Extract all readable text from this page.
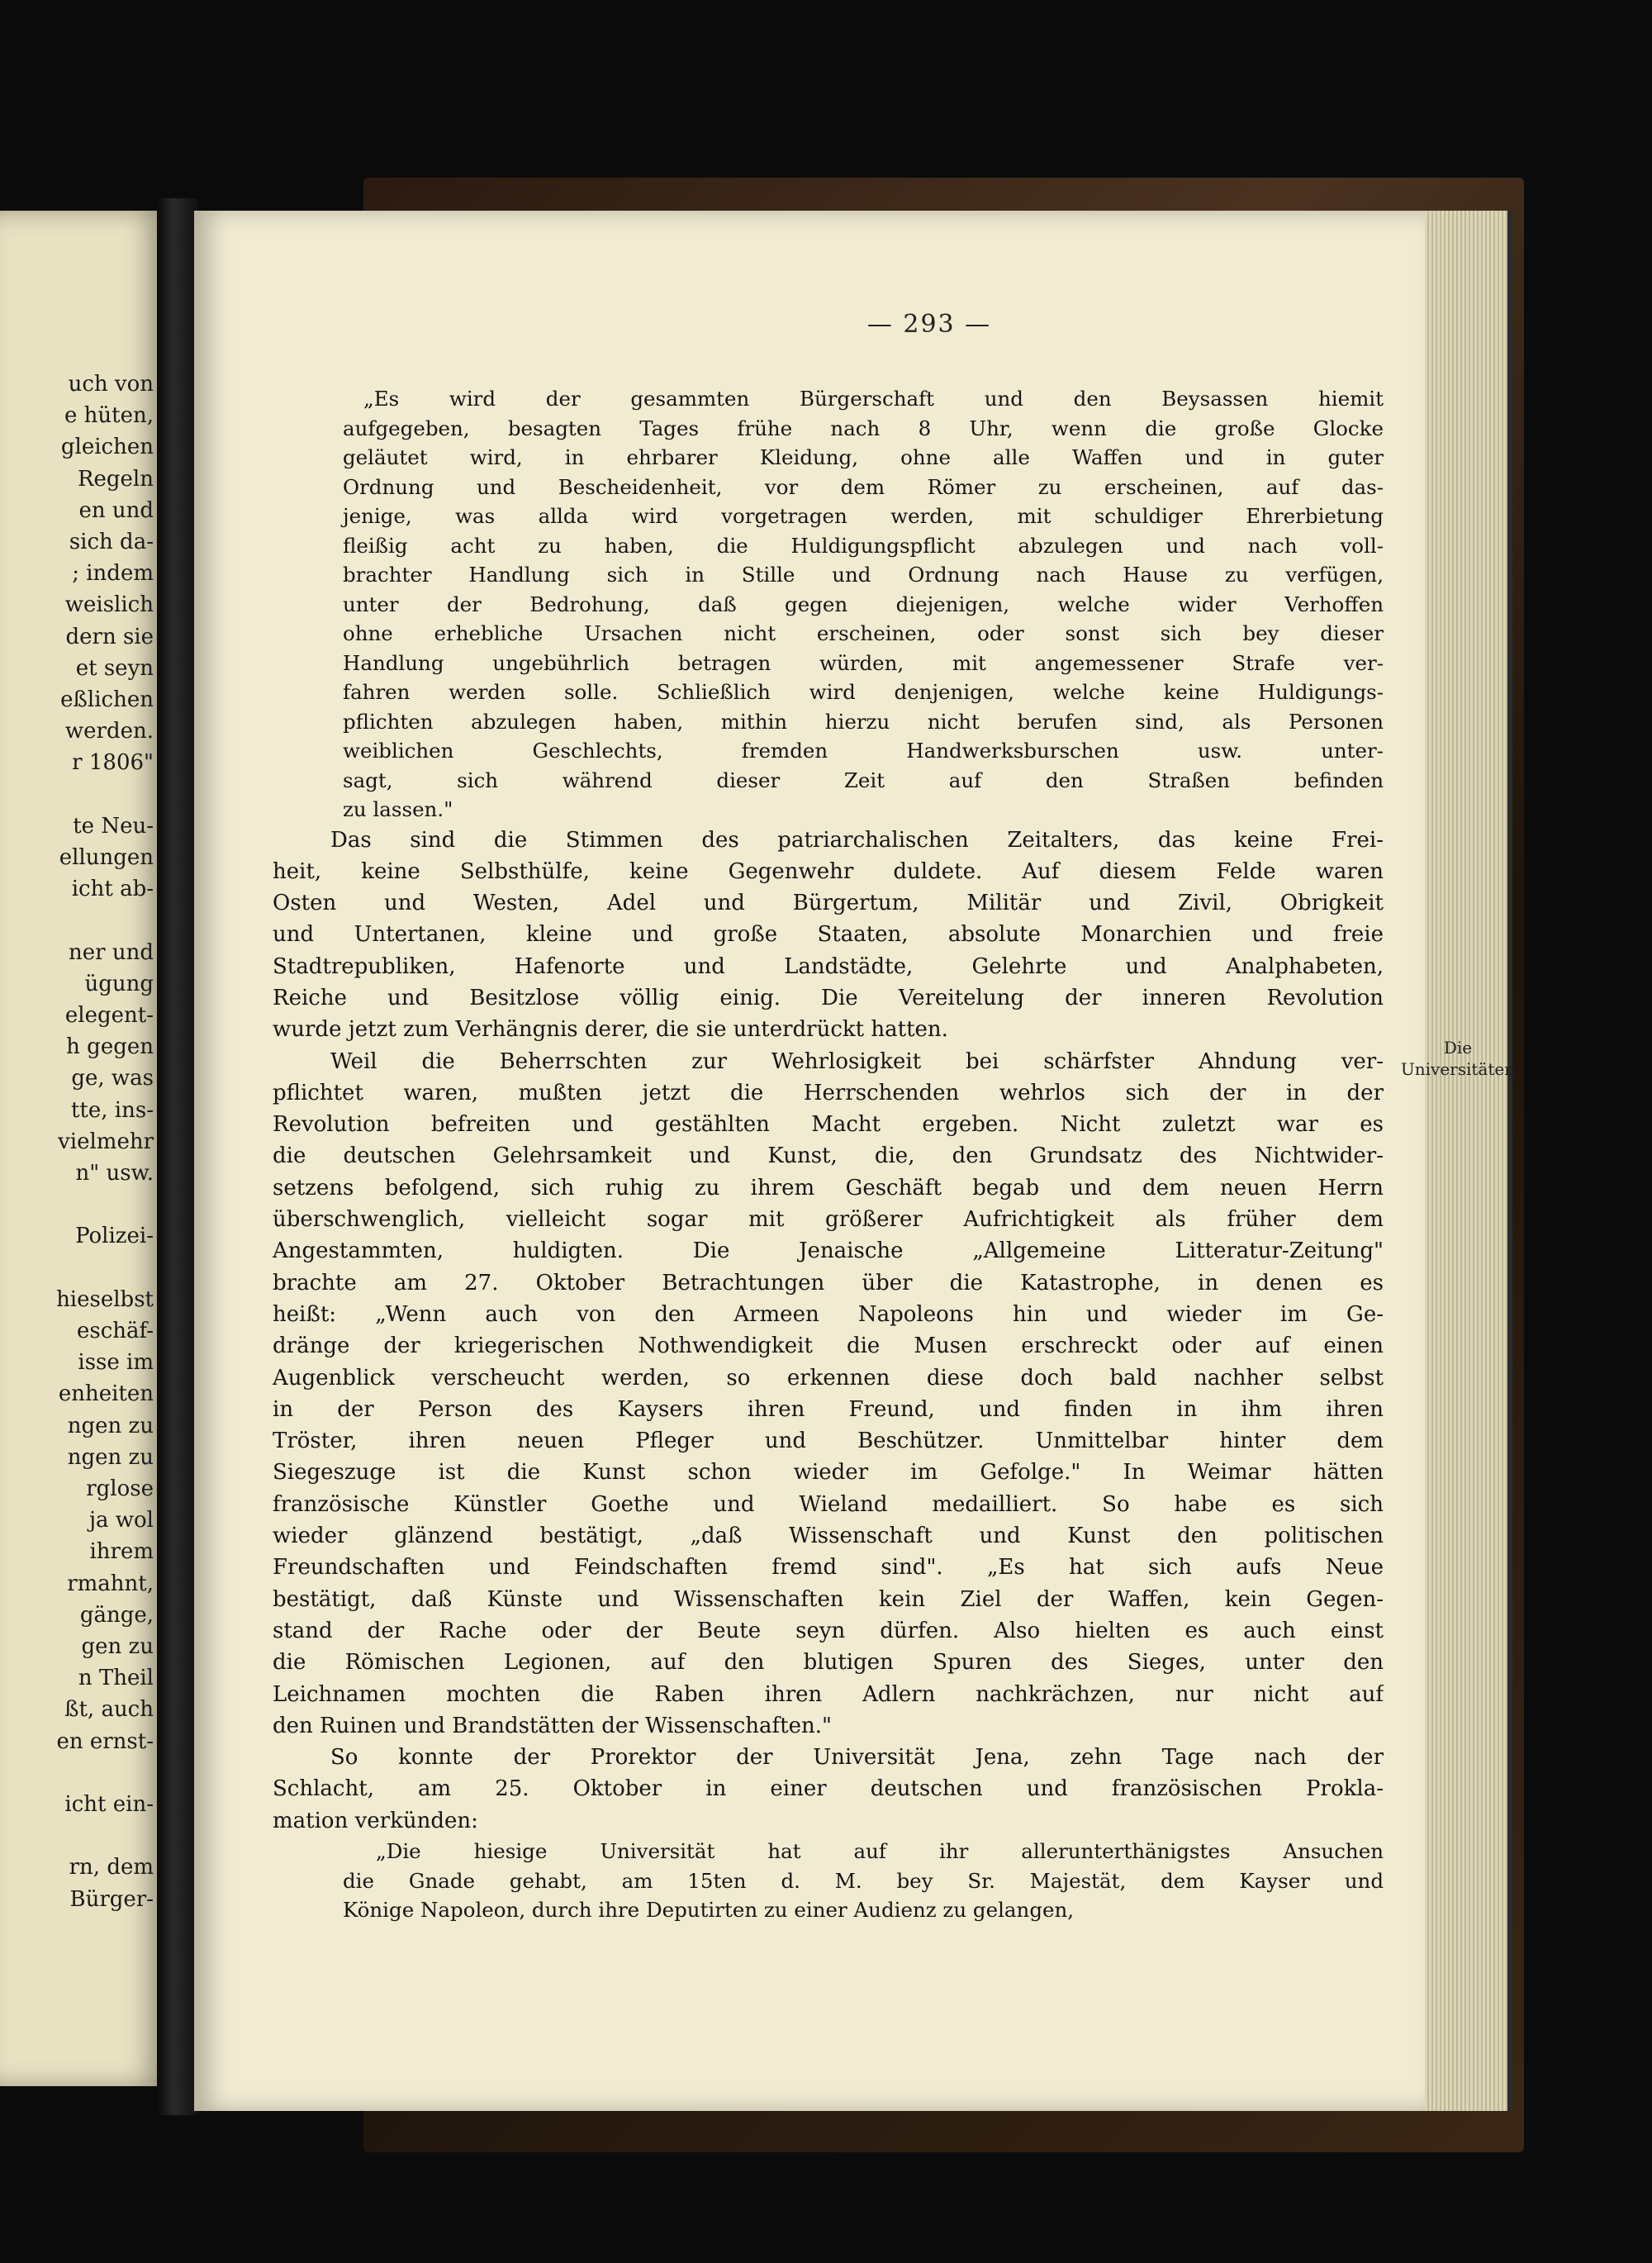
uch von
e hüten,
gleichen
Regeln
en und
sich da-
; indem
weislich
dern sie
et seyn
eßlichen
werden.
r 1806"
te Neu-
ellungen
icht ab-
ner und
ügung
elegent-
h gegen
ge, was
tte, ins-
vielmehr
n" usw.
Polizei-
hieselbst
eschäf-
isse im
enheiten
ngen zu
ngen zu
rglose
ja wol
ihrem
rmahnt,
gänge,
gen zu
n Theil
ßt, auch
en ernst-
icht ein-
rn, dem
Bürger-
— 293 —
„Es wird der gesammten Bürgerschaft und den Beysassen hiemit
aufgegeben, besagten Tages frühe nach 8 Uhr, wenn die große Glocke
geläutet wird, in ehrbarer Kleidung, ohne alle Waffen und in guter
Ordnung und Bescheidenheit, vor dem Römer zu erscheinen, auf das-
jenige, was allda wird vorgetragen werden, mit schuldiger Ehrerbietung
fleißig acht zu haben, die Huldigungspflicht abzulegen und nach voll-
brachter Handlung sich in Stille und Ordnung nach Hause zu verfügen,
unter der Bedrohung, daß gegen diejenigen, welche wider Verhoffen
ohne erhebliche Ursachen nicht erscheinen, oder sonst sich bey dieser
Handlung ungebührlich betragen würden, mit angemessener Strafe ver-
fahren werden solle. Schließlich wird denjenigen, welche keine Huldigungs-
pflichten abzulegen haben, mithin hierzu nicht berufen sind, als Personen
weiblichen Geschlechts, fremden Handwerksburschen usw. unter-
sagt, sich während dieser Zeit auf den Straßen befinden
zu lassen."
Das sind die Stimmen des patriarchalischen Zeitalters, das keine Frei-
heit, keine Selbsthülfe, keine Gegenwehr duldete. Auf diesem Felde waren
Osten und Westen, Adel und Bürgertum, Militär und Zivil, Obrigkeit
und Untertanen, kleine und große Staaten, absolute Monarchien und freie
Stadtrepubliken, Hafenorte und Landstädte, Gelehrte und Analphabeten,
Reiche und Besitzlose völlig einig. Die Vereitelung der inneren Revolution
wurde jetzt zum Verhängnis derer, die sie unterdrückt hatten.
Weil die Beherrschten zur Wehrlosigkeit bei schärfster Ahndung ver-
pflichtet waren, mußten jetzt die Herrschenden wehrlos sich der in der
Revolution befreiten und gestählten Macht ergeben. Nicht zuletzt war es
die deutschen Gelehrsamkeit und Kunst, die, den Grundsatz des Nichtwider-
setzens befolgend, sich ruhig zu ihrem Geschäft begab und dem neuen Herrn
überschwenglich, vielleicht sogar mit größerer Aufrichtigkeit als früher dem
Angestammten, huldigten. Die Jenaische „Allgemeine Litteratur-Zeitung"
brachte am 27. Oktober Betrachtungen über die Katastrophe, in denen es
heißt: „Wenn auch von den Armeen Napoleons hin und wieder im Ge-
dränge der kriegerischen Nothwendigkeit die Musen erschreckt oder auf einen
Augenblick verscheucht werden, so erkennen diese doch bald nachher selbst
in der Person des Kaysers ihren Freund, und finden in ihm ihren
Tröster, ihren neuen Pfleger und Beschützer. Unmittelbar hinter dem
Siegeszuge ist die Kunst schon wieder im Gefolge." In Weimar hätten
französische Künstler Goethe und Wieland medailliert. So habe es sich
wieder glänzend bestätigt, „daß Wissenschaft und Kunst den politischen
Freundschaften und Feindschaften fremd sind". „Es hat sich aufs Neue
bestätigt, daß Künste und Wissenschaften kein Ziel der Waffen, kein Gegen-
stand der Rache oder der Beute seyn dürfen. Also hielten es auch einst
die Römischen Legionen, auf den blutigen Spuren des Sieges, unter den
Leichnamen mochten die Raben ihren Adlern nachkrächzen, nur nicht auf
den Ruinen und Brandstätten der Wissenschaften."
So konnte der Prorektor der Universität Jena, zehn Tage nach der
Schlacht, am 25. Oktober in einer deutschen und französischen Prokla-
mation verkünden:
„Die hiesige Universität hat auf ihr allerunterthänigstes Ansuchen
die Gnade gehabt, am 15ten d. M. bey Sr. Majestät, dem Kayser und
Könige Napoleon, durch ihre Deputirten zu einer Audienz zu gelangen,
Die
Universitäten
